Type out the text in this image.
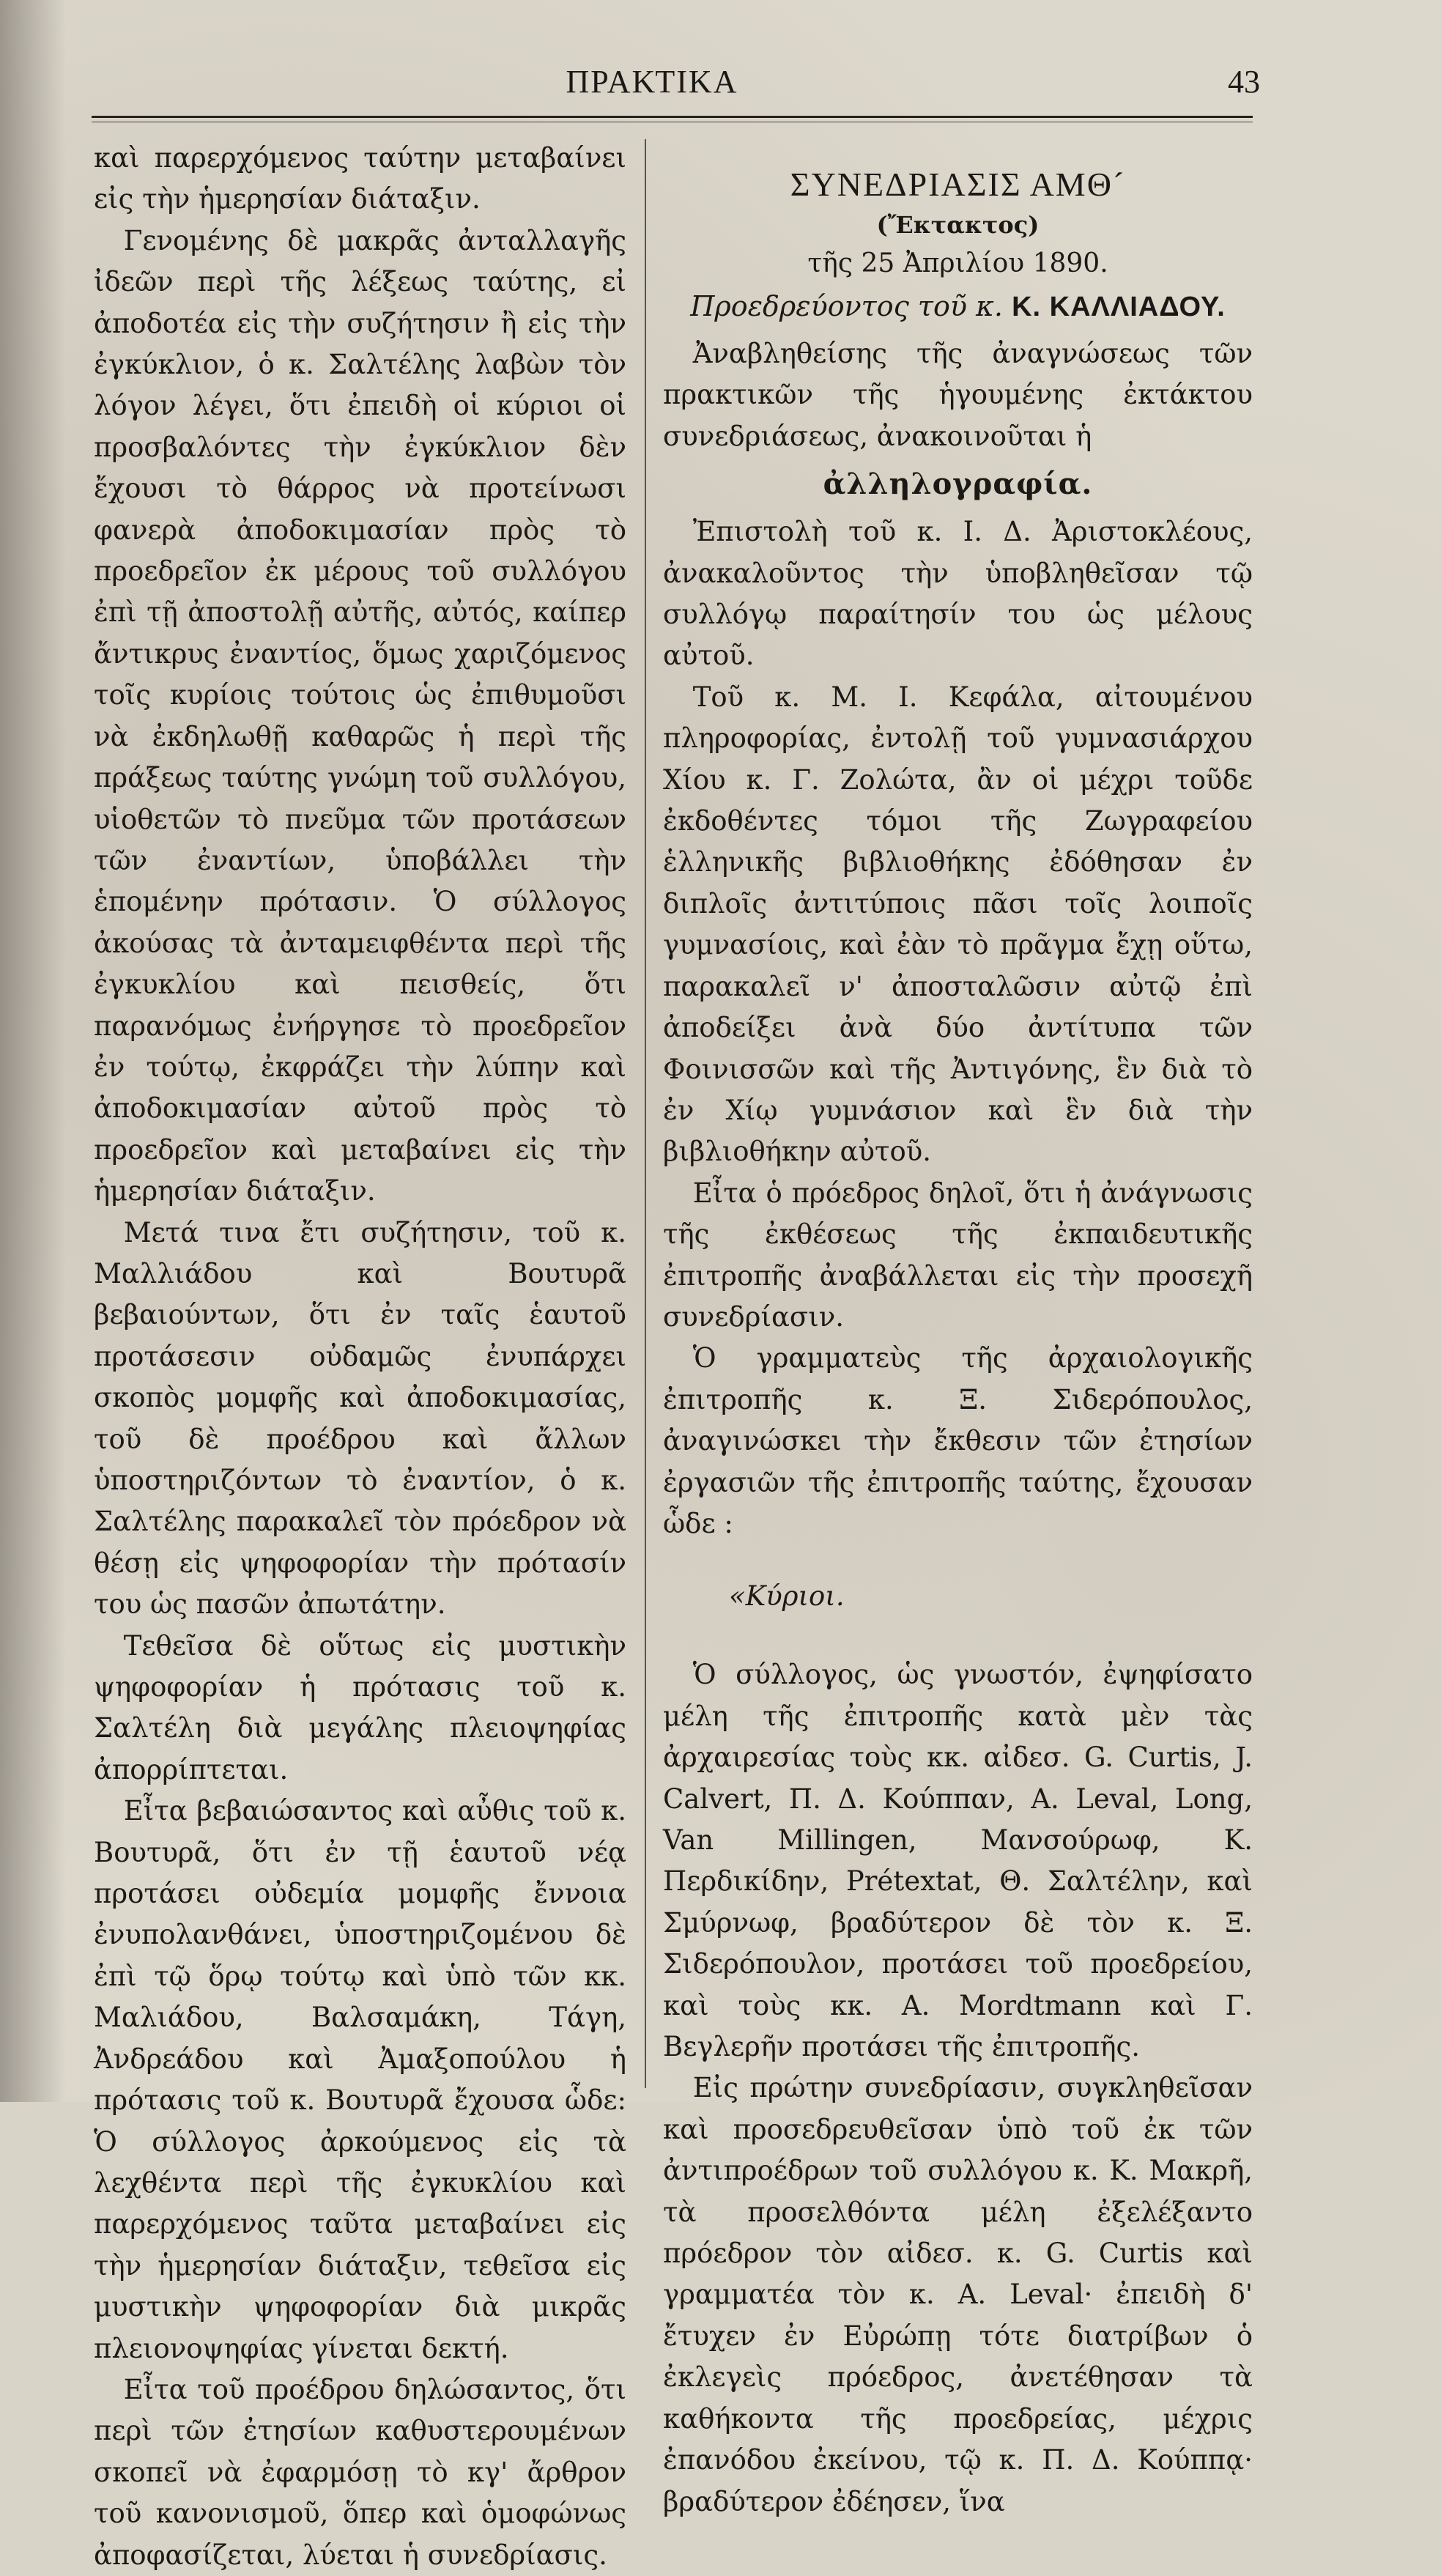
ΠΡΑΚΤΙΚΑ	43

καὶ παρερχόμενος ταύτην μεταβαίνει εἰς τὴν ἡμερησίαν διάταξιν.

Γενομένης δὲ μακρᾶς ἀνταλλαγῆς ἰδεῶν περὶ τῆς λέξεως ταύτης, εἰ ἀποδοτέα εἰς τὴν συζήτησιν ἢ εἰς τὴν ἐγκύκλιον, ὁ κ. Σαλτέλης λαβὼν τὸν λόγον λέγει, ὅτι ἐπειδὴ οἱ κύριοι οἱ προσβαλόντες τὴν ἐγκύκλιον δὲν ἔχουσι τὸ θάρρος νὰ προτείνωσι φανερὰ ἀποδοκιμασίαν πρὸς τὸ προεδρεῖον ἐκ μέρους τοῦ συλλόγου ἐπὶ τῇ ἀποστολῇ αὐτῆς, αὐτός, καίπερ ἄντικρυς ἐναντίος, ὅμως χαριζόμενος τοῖς κυρίοις τούτοις ὡς ἐπιθυμοῦσι νὰ ἐκδηλωθῇ καθαρῶς ἡ περὶ τῆς πράξεως ταύτης γνώμη τοῦ συλλόγου, υἱοθετῶν τὸ πνεῦμα τῶν προτάσεων τῶν ἐναντίων, ὑποβάλλει τὴν ἑπομένην πρότασιν. Ὁ σύλλογος ἀκούσας τὰ ἀνταμειφθέντα περὶ τῆς ἐγκυκλίου καὶ πεισθείς, ὅτι παρανόμως ἐνήργησε τὸ προεδρεῖον ἐν τούτῳ, ἐκφράζει τὴν λύπην καὶ ἀποδοκιμασίαν αὐτοῦ πρὸς τὸ προεδρεῖον καὶ μεταβαίνει εἰς τὴν ἡμερησίαν διάταξιν.

Μετά τινα ἔτι συζήτησιν, τοῦ κ. Μαλλιάδου καὶ Βουτυρᾶ βεβαιούντων, ὅτι ἐν ταῖς ἑαυτοῦ προτάσεσιν οὐδαμῶς ἐνυπάρχει σκοπὸς μομφῆς καὶ ἀποδοκιμασίας, τοῦ δὲ προέδρου καὶ ἄλλων ὑποστηριζόντων τὸ ἐναντίον, ὁ κ. Σαλτέλης παρακαλεῖ τὸν πρόεδρον νὰ θέσῃ εἰς ψηφοφορίαν τὴν πρότασίν του ὡς πασῶν ἀπωτάτην.

Τεθεῖσα δὲ οὕτως εἰς μυστικὴν ψηφοφορίαν ἡ πρότασις τοῦ κ. Σαλτέλη διὰ μεγάλης πλειοψηφίας ἀπορρίπτεται.

Εἶτα βεβαιώσαντος καὶ αὖθις τοῦ κ. Βουτυρᾶ, ὅτι ἐν τῇ ἑαυτοῦ νέᾳ προτάσει οὐδεμία μομφῆς ἔννοια ἐνυπολανθάνει, ὑποστηριζομένου δὲ ἐπὶ τῷ ὅρῳ τούτῳ καὶ ὑπὸ τῶν κκ. Μαλιάδου, Βαλσαμάκη, Τάγη, Ἀνδρεάδου καὶ Ἀμαξοπούλου ἡ πρότασις τοῦ κ. Βουτυρᾶ ἔχουσα ὧδε: Ὁ σύλλογος ἀρκούμενος εἰς τὰ λεχθέντα περὶ τῆς ἐγκυκλίου καὶ παρερχόμενος ταῦτα μεταβαίνει εἰς τὴν ἡμερησίαν διάταξιν, τεθεῖσα εἰς μυστικὴν ψηφοφορίαν διὰ μικρᾶς πλειονοψηφίας γίνεται δεκτή.

Εἶτα τοῦ προέδρου δηλώσαντος, ὅτι περὶ τῶν ἐτησίων καθυστερουμένων σκοπεῖ νὰ ἐφαρμόσῃ τὸ κγ' ἄρθρον τοῦ κανονισμοῦ, ὅπερ καὶ ὁμοφώνως ἀποφασίζεται, λύεται ἡ συνεδρίασις.

ΣΥΝΕΔΡΙΑΣΙΣ ΑΜΘ´
(Ἔκτακτος)
τῆς 25 Ἀπριλίου 1890.
Προεδρεύοντος τοῦ κ. Κ. ΚΑΛΛΙΑΔΟΥ.

Ἀναβληθείσης τῆς ἀναγνώσεως τῶν πρακτικῶν τῆς ἡγουμένης ἐκτάκτου συνεδριάσεως, ἀνακοινοῦται ἡ

ἀλληλογραφία.

Ἐπιστολὴ τοῦ κ. Ι. Δ. Ἀριστοκλέους, ἀνακαλοῦντος τὴν ὑποβληθεῖσαν τῷ συλλόγῳ παραίτησίν του ὡς μέλους αὐτοῦ.

Τοῦ κ. Μ. Ι. Κεφάλα, αἰτουμένου πληροφορίας, ἐντολῇ τοῦ γυμνασιάρχου Χίου κ. Γ. Ζολώτα, ἂν οἱ μέχρι τοῦδε ἐκδοθέντες τόμοι τῆς Ζωγραφείου ἑλληνικῆς βιβλιοθήκης ἐδόθησαν ἐν διπλοῖς ἀντιτύποις πᾶσι τοῖς λοιποῖς γυμνασίοις, καὶ ἐὰν τὸ πρᾶγμα ἔχῃ οὕτω, παρακαλεῖ ν' ἀποσταλῶσιν αὐτῷ ἐπὶ ἀποδείξει ἀνὰ δύο ἀντίτυπα τῶν Φοινισσῶν καὶ τῆς Ἀντιγόνης, ἓν διὰ τὸ ἐν Χίῳ γυμνάσιον καὶ ἓν διὰ τὴν βιβλιοθήκην αὐτοῦ.

Εἶτα ὁ πρόεδρος δηλοῖ, ὅτι ἡ ἀνάγνωσις τῆς ἐκθέσεως τῆς ἐκπαιδευτικῆς ἐπιτροπῆς ἀναβάλλεται εἰς τὴν προσεχῆ συνεδρίασιν.

Ὁ γραμματεὺς τῆς ἀρχαιολογικῆς ἐπιτροπῆς κ. Ξ. Σιδερόπουλος, ἀναγινώσκει τὴν ἔκθεσιν τῶν ἐτησίων ἐργασιῶν τῆς ἐπιτροπῆς ταύτης, ἔχουσαν ὧδε :

«Κύριοι.

Ὁ σύλλογος, ὡς γνωστόν, ἐψηφίσατο μέλη τῆς ἐπιτροπῆς κατὰ μὲν τὰς ἀρχαιρεσίας τοὺς κκ. αἰδεσ. G. Curtis, J. Calvert, Π. Δ. Κούππαν, A. Leval, Long, Van Millingen, Μανσούρωφ, Κ. Περδικίδην, Prétextat, Θ. Σαλτέλην, καὶ Σμύρνωφ, βραδύτερον δὲ τὸν κ. Ξ. Σιδερόπουλον, προτάσει τοῦ προεδρείου, καὶ τοὺς κκ. A. Mordtmann καὶ Γ. Βεγλερῆν προτάσει τῆς ἐπιτροπῆς.

Εἰς πρώτην συνεδρίασιν, συγκληθεῖσαν καὶ προσεδρευθεῖσαν ὑπὸ τοῦ ἐκ τῶν ἀντιπροέδρων τοῦ συλλόγου κ. Κ. Μακρῆ, τὰ προσελθόντα μέλη ἐξελέξαντο πρόεδρον τὸν αἰδεσ. κ. G. Curtis καὶ γραμματέα τὸν κ. A. Leval· ἐπειδὴ δ' ἔτυχεν ἐν Εὐρώπῃ τότε διατρίβων ὁ ἐκλεγεὶς πρόεδρος, ἀνετέθησαν τὰ καθήκοντα τῆς προεδρείας, μέχρις ἐπανόδου ἐκείνου, τῷ κ. Π. Δ. Κούππᾳ· βραδύτερον ἐδέησεν, ἵνα
